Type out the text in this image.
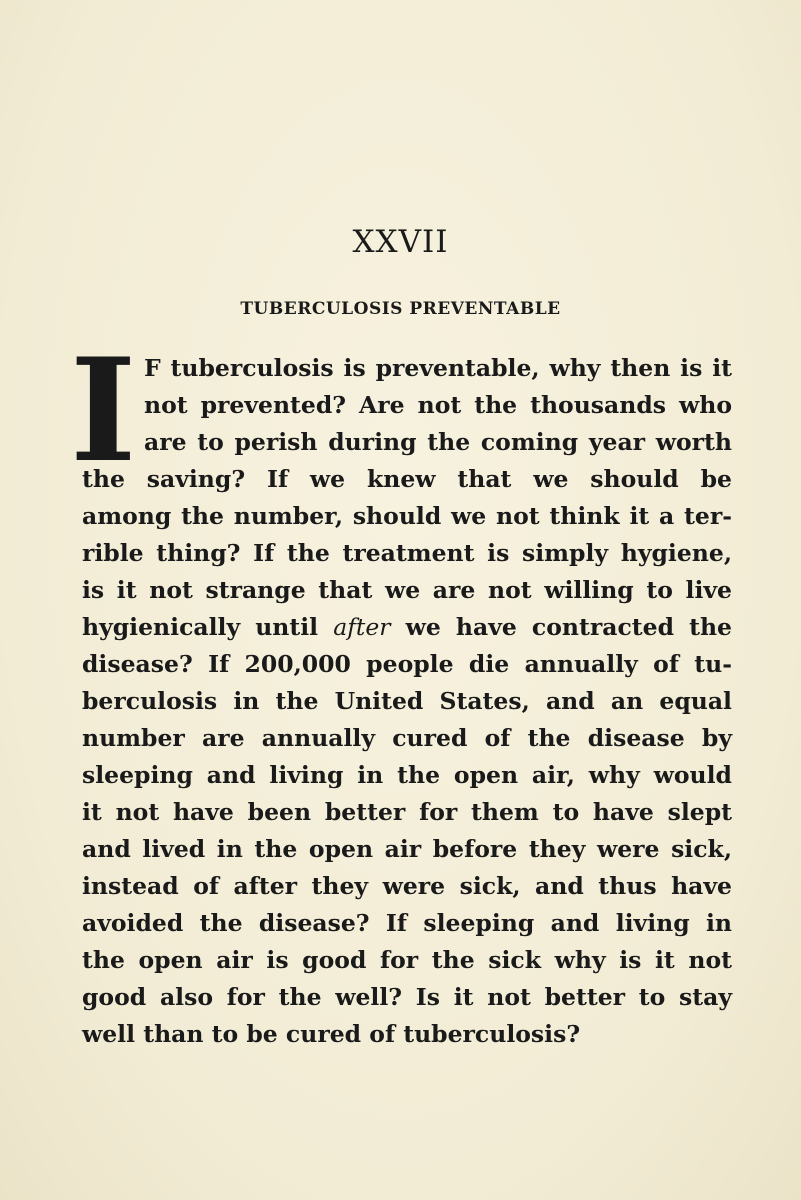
XXVII
TUBERCULOSIS PREVENTABLE
I F tuberculosis is preventable, why then is it
not prevented? Are not the thousands who
are to perish during the coming year worth
the saving? If we knew that we should be
among the number, should we not think it a ter-
rible thing? If the treatment is simply hygiene,
is it not strange that we are not willing to live
hygienically until after we have contracted the
disease? If 200,000 people die annually of tu-
berculosis in the United States, and an equal
number are annually cured of the disease by
sleeping and living in the open air, why would
it not have been better for them to have slept
and lived in the open air before they were sick,
instead of after they were sick, and thus have
avoided the disease? If sleeping and living in
the open air is good for the sick why is it not
good also for the well? Is it not better to stay
well than to be cured of tuberculosis?
